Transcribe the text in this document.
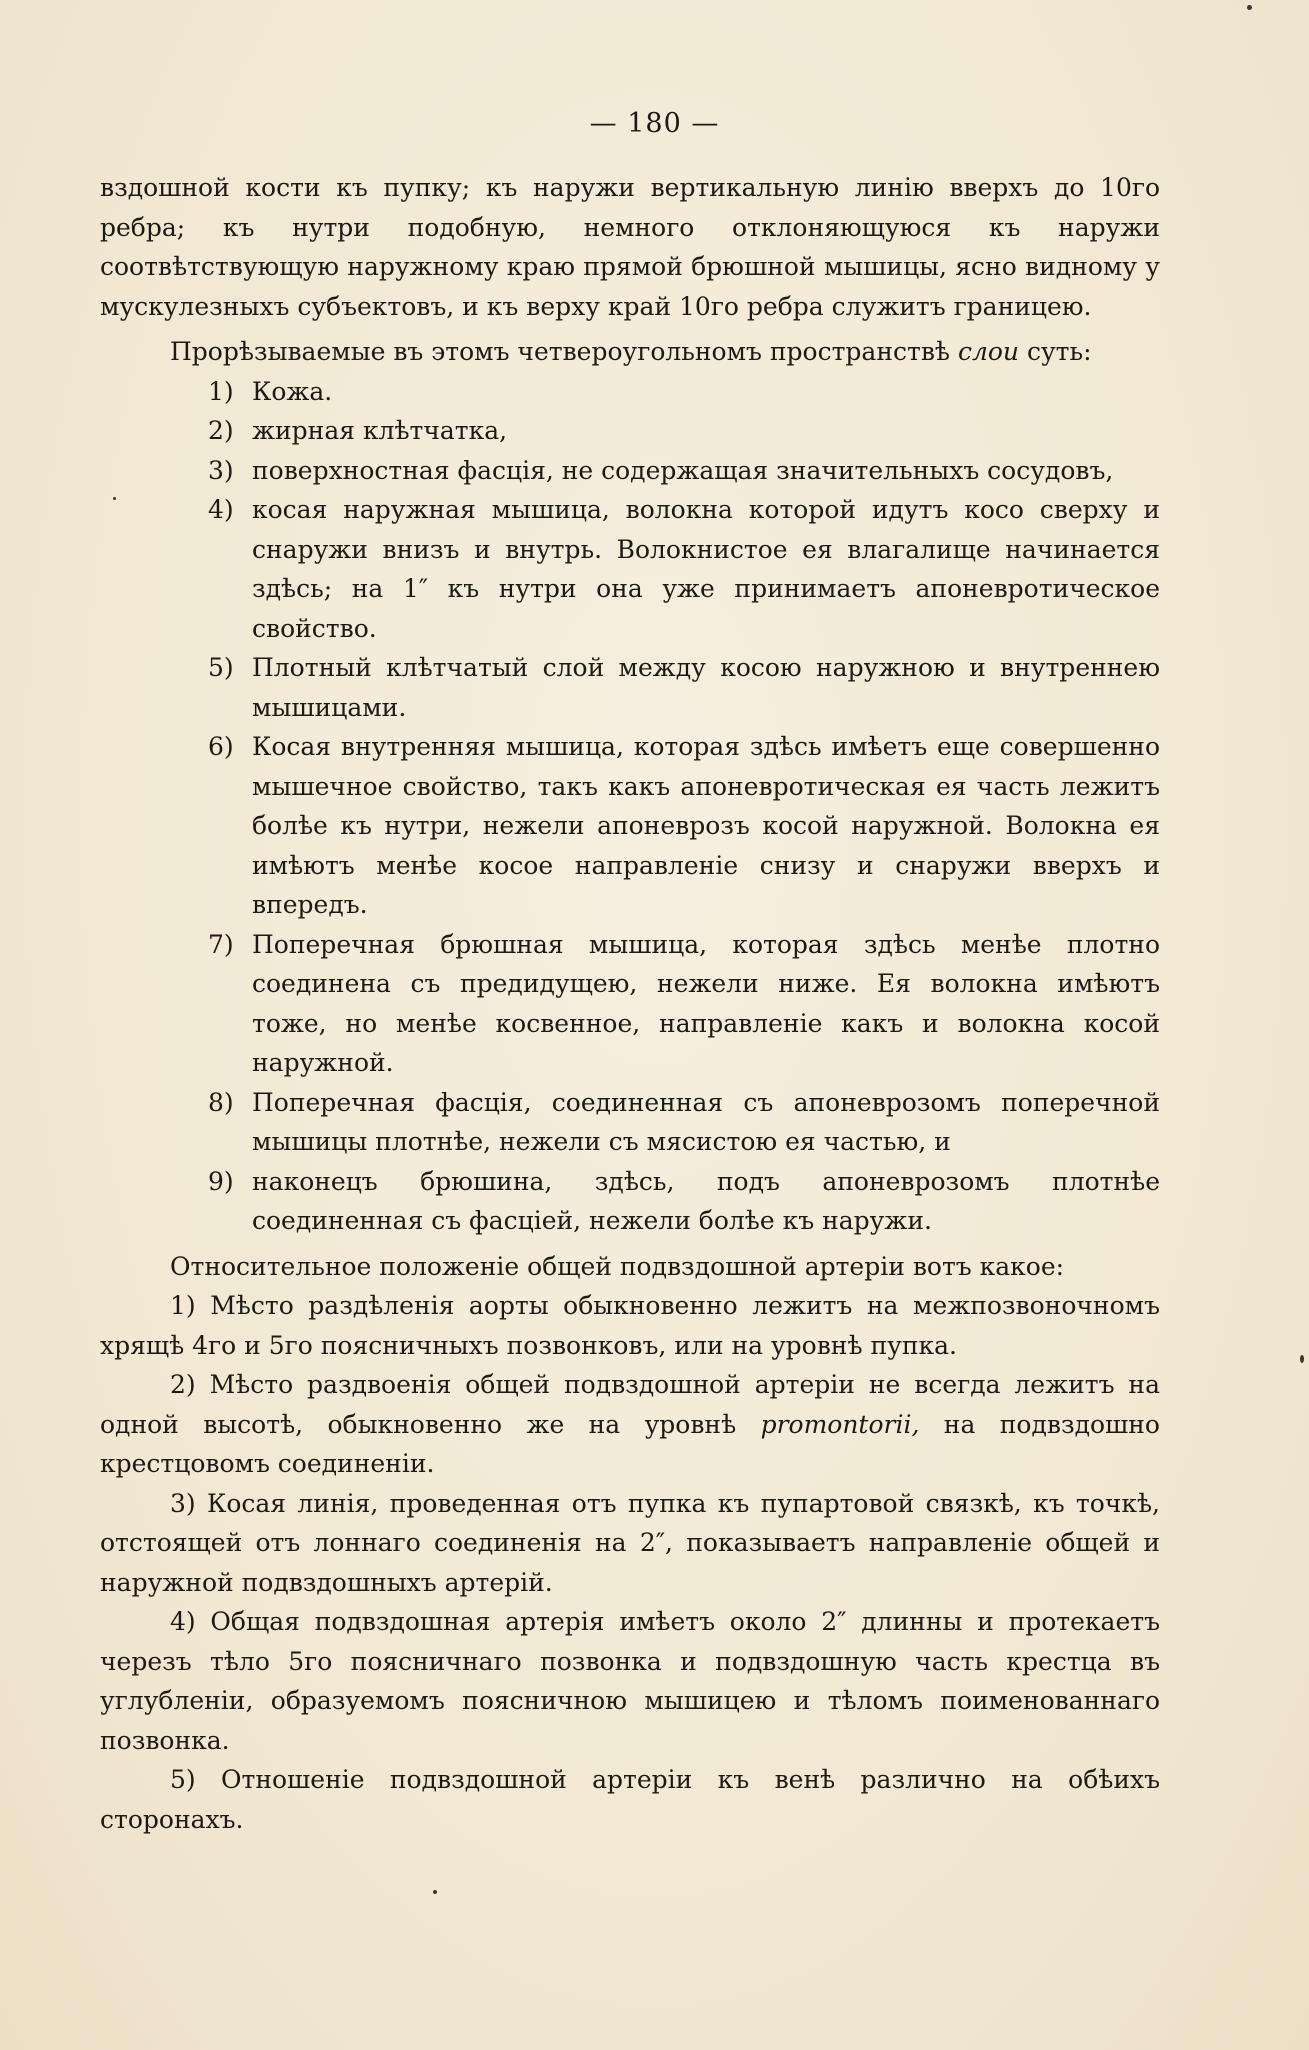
— 180 —

вздошной кости къ пупку; къ наружи вертикальную линію вверхъ до 10го ребра; къ нутри подобную, немного отклоняющуюся къ наружи соотвѣтствующую наружному краю прямой брюшной мышицы, ясно видному у мускулезныхъ субъектовъ, и къ верху край 10го ребра служитъ границею.

Прорѣзываемые въ этомъ четвероугольномъ пространствѣ слои суть:

1) Кожа.

2) жирная клѣтчатка,

3) поверхностная фасція, не содержащая значительныхъ сосудовъ,

4) косая наружная мышица, волокна которой идутъ косо сверху и снаружи внизъ и внутрь. Волокнистое ея влагалище начинается здѣсь; на 1″ къ нутри она уже принимаетъ апоневротическое свойство.

5) Плотный клѣтчатый слой между косою наружною и внутреннею мышицами.

6) Косая внутренняя мышица, которая здѣсь имѣетъ еще совершенно мышечное свойство, такъ какъ апоневротическая ея часть лежитъ болѣе къ нутри, нежели апоневрозъ косой наружной. Волокна ея имѣютъ менѣе косое направленіе снизу и снаружи вверхъ и впередъ.

7) Поперечная брюшная мышица, которая здѣсь менѣе плотно соединена съ предидущею, нежели ниже. Ея волокна имѣютъ тоже, но менѣе косвенное, направленіе какъ и волокна косой наружной.

8) Поперечная фасція, соединенная съ апоневрозомъ поперечной мышицы плотнѣе, нежели съ мясистою ея частью, и

9) наконецъ брюшина, здѣсь, подъ апоневрозомъ плотнѣе соединенная съ фасціей, нежели болѣе къ наружи.

Относительное положеніе общей подвздошной артеріи вотъ какое:

1) Мѣсто раздѣленія аорты обыкновенно лежитъ на межпозвоночномъ хрящѣ 4го и 5го поясничныхъ позвонковъ, или на уровнѣ пупка.

2) Мѣсто раздвоенія общей подвздошной артеріи не всегда лежитъ на одной высотѣ, обыкновенно же на уровнѣ promontorii, на подвздошно крестцовомъ соединеніи.

3) Косая линія, проведенная отъ пупка къ пупартовой связкѣ, къ точкѣ, отстоящей отъ лоннаго соединенія на 2″, показываетъ направленіе общей и наружной подвздошныхъ артерій.

4) Общая подвздошная артерія имѣетъ около 2″ длинны и протекаетъ черезъ тѣло 5го поясничнаго позвонка и подвздошную часть крестца въ углубленіи, образуемомъ поясничною мышицею и тѣломъ поименованнаго позвонка.

5) Отношеніе подвздошной артеріи къ венѣ различно на обѣихъ сторонахъ.
